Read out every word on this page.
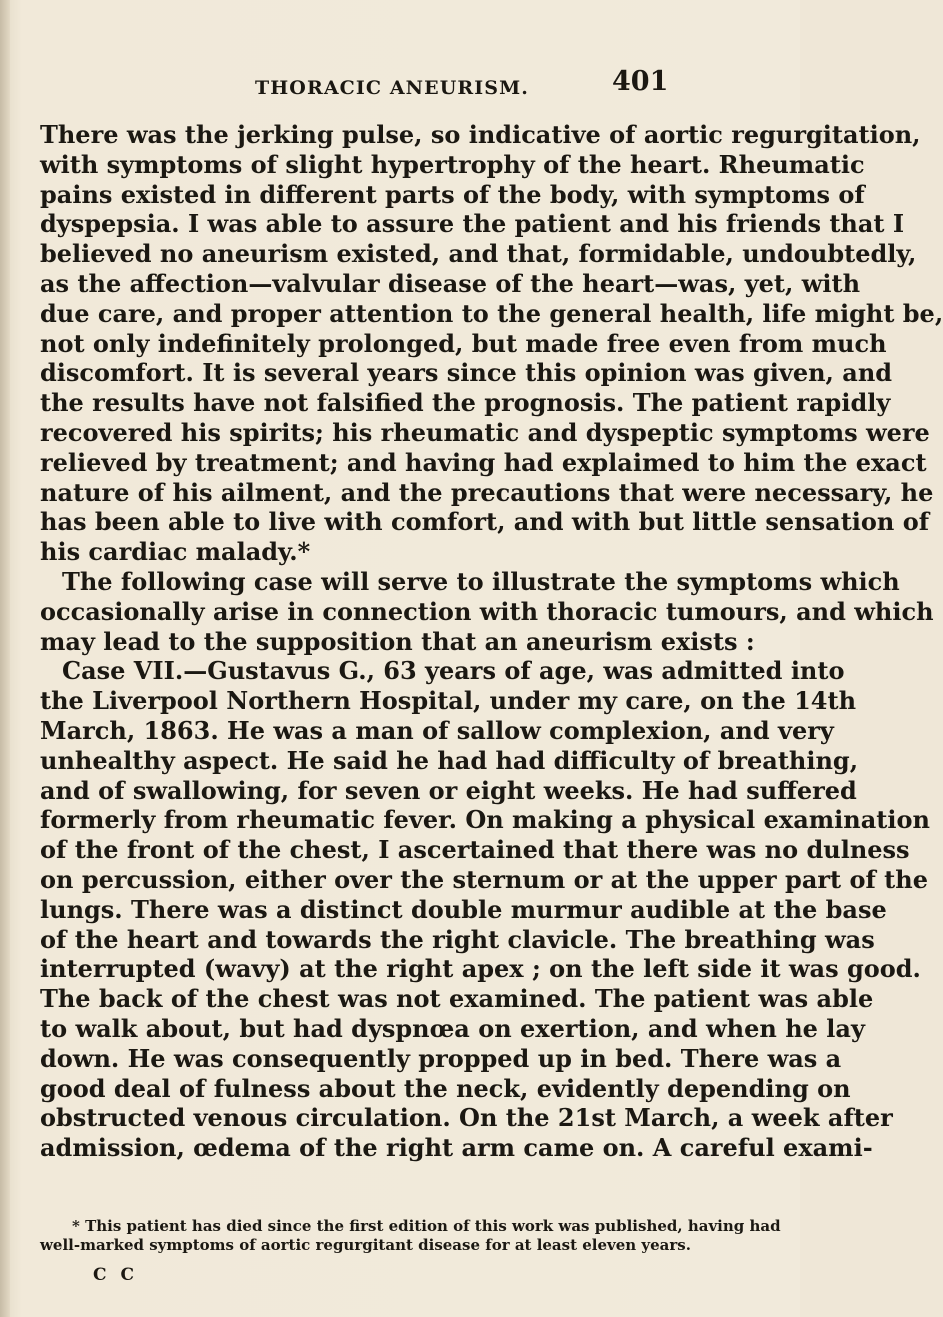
THORACIC ANEURISM.	401
There was the jerking pulse, so indicative of aortic regurgitation,
with symptoms of slight hypertrophy of the heart. Rheumatic
pains existed in different parts of the body, with symptoms of
dyspepsia. I was able to assure the patient and his friends that I
believed no aneurism existed, and that, formidable, undoubtedly,
as the affection—valvular disease of the heart—was, yet, with
due care, and proper attention to the general health, life might be,
not only indefinitely prolonged, but made free even from much
discomfort. It is several years since this opinion was given, and
the results have not falsified the prognosis. The patient rapidly
recovered his spirits; his rheumatic and dyspeptic symptoms were
relieved by treatment; and having had explaimed to him the exact
nature of his ailment, and the precautions that were necessary, he
has been able to live with comfort, and with but little sensation of
his cardiac malady.*
The following case will serve to illustrate the symptoms which
occasionally arise in connection with thoracic tumours, and which
may lead to the supposition that an aneurism exists :
Case VII.—Gustavus G., 63 years of age, was admitted into
the Liverpool Northern Hospital, under my care, on the 14th
March, 1863. He was a man of sallow complexion, and very
unhealthy aspect. He said he had had difficulty of breathing,
and of swallowing, for seven or eight weeks. He had suffered
formerly from rheumatic fever. On making a physical examination
of the front of the chest, I ascertained that there was no dulness
on percussion, either over the sternum or at the upper part of the
lungs. There was a distinct double murmur audible at the base
of the heart and towards the right clavicle. The breathing was
interrupted (wavy) at the right apex ; on the left side it was good.
The back of the chest was not examined. The patient was able
to walk about, but had dyspnœa on exertion, and when he lay
down. He was consequently propped up in bed. There was a
good deal of fulness about the neck, evidently depending on
obstructed venous circulation. On the 21st March, a week after
admission, œdema of the right arm came on. A careful exami-
* This patient has died since the first edition of this work was published, having had
well-marked symptoms of aortic regurgitant disease for at least eleven years.
C C
